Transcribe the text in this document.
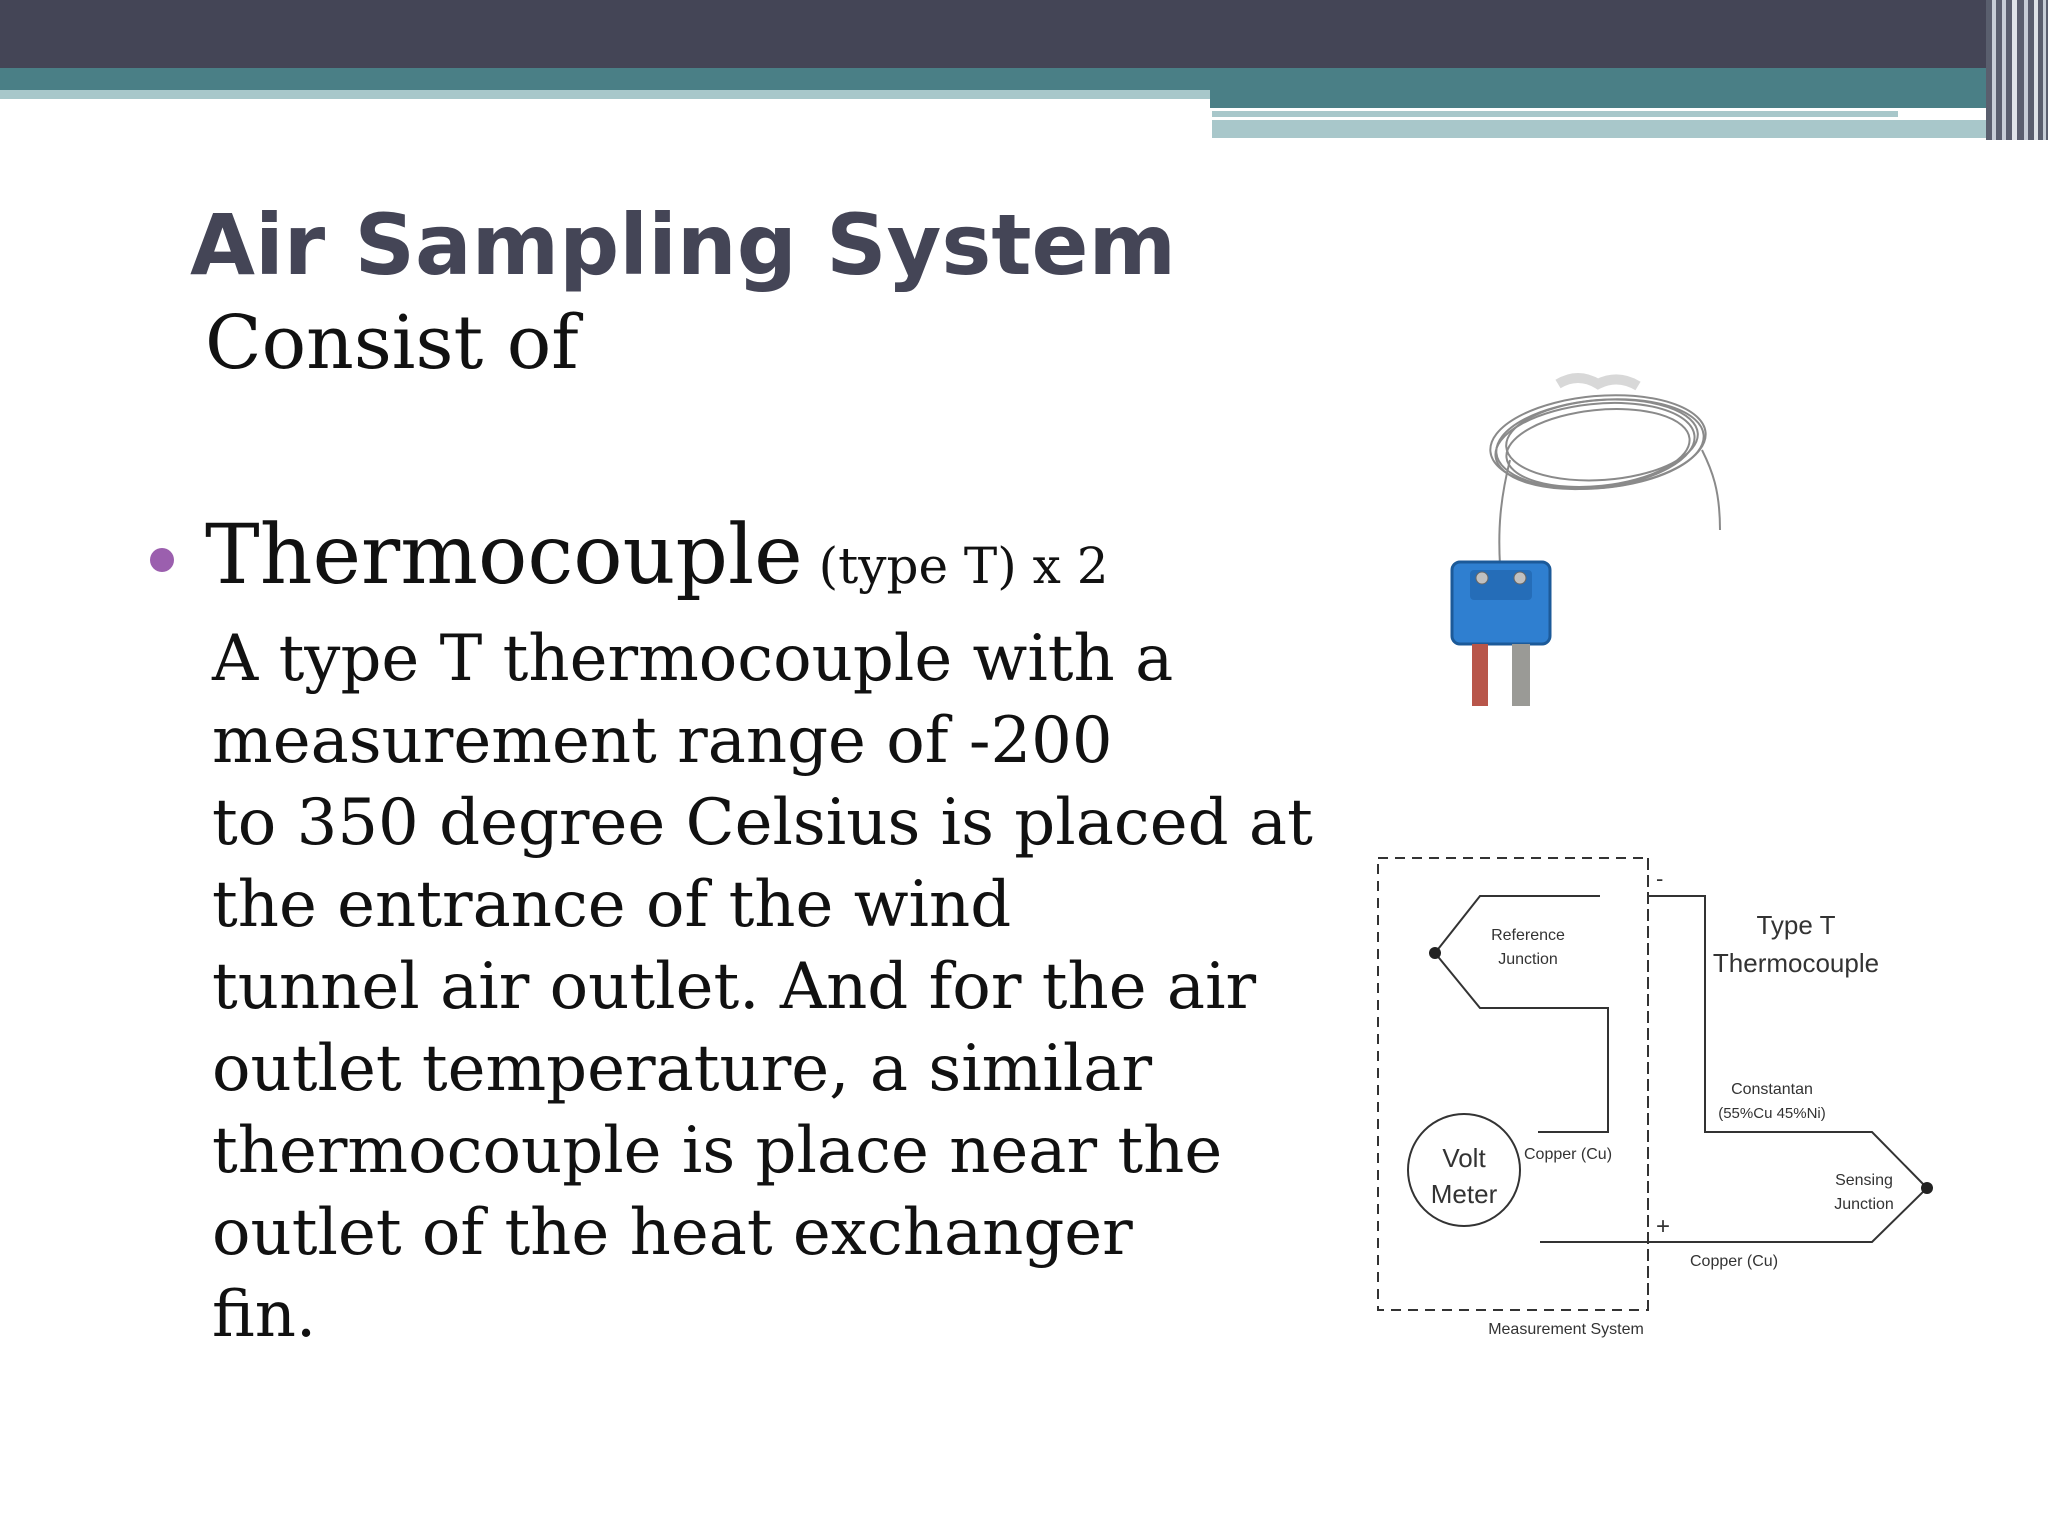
Air Sampling System

Consist of

Thermocouple (type T) x 2

A type T thermocouple with a
measurement range of -200
to 350 degree Celsius is placed at
the entrance of the wind
tunnel air outlet. And for the air
outlet temperature, a similar
thermocouple is place near the
outlet of the heat exchanger
fin.

-
+
Type T
Thermocouple
Reference
Junction
Constantan
(55%Cu 45%Ni)
Copper (Cu)
Volt
Meter	Sensing
Junction
Copper (Cu)
Measurement System
